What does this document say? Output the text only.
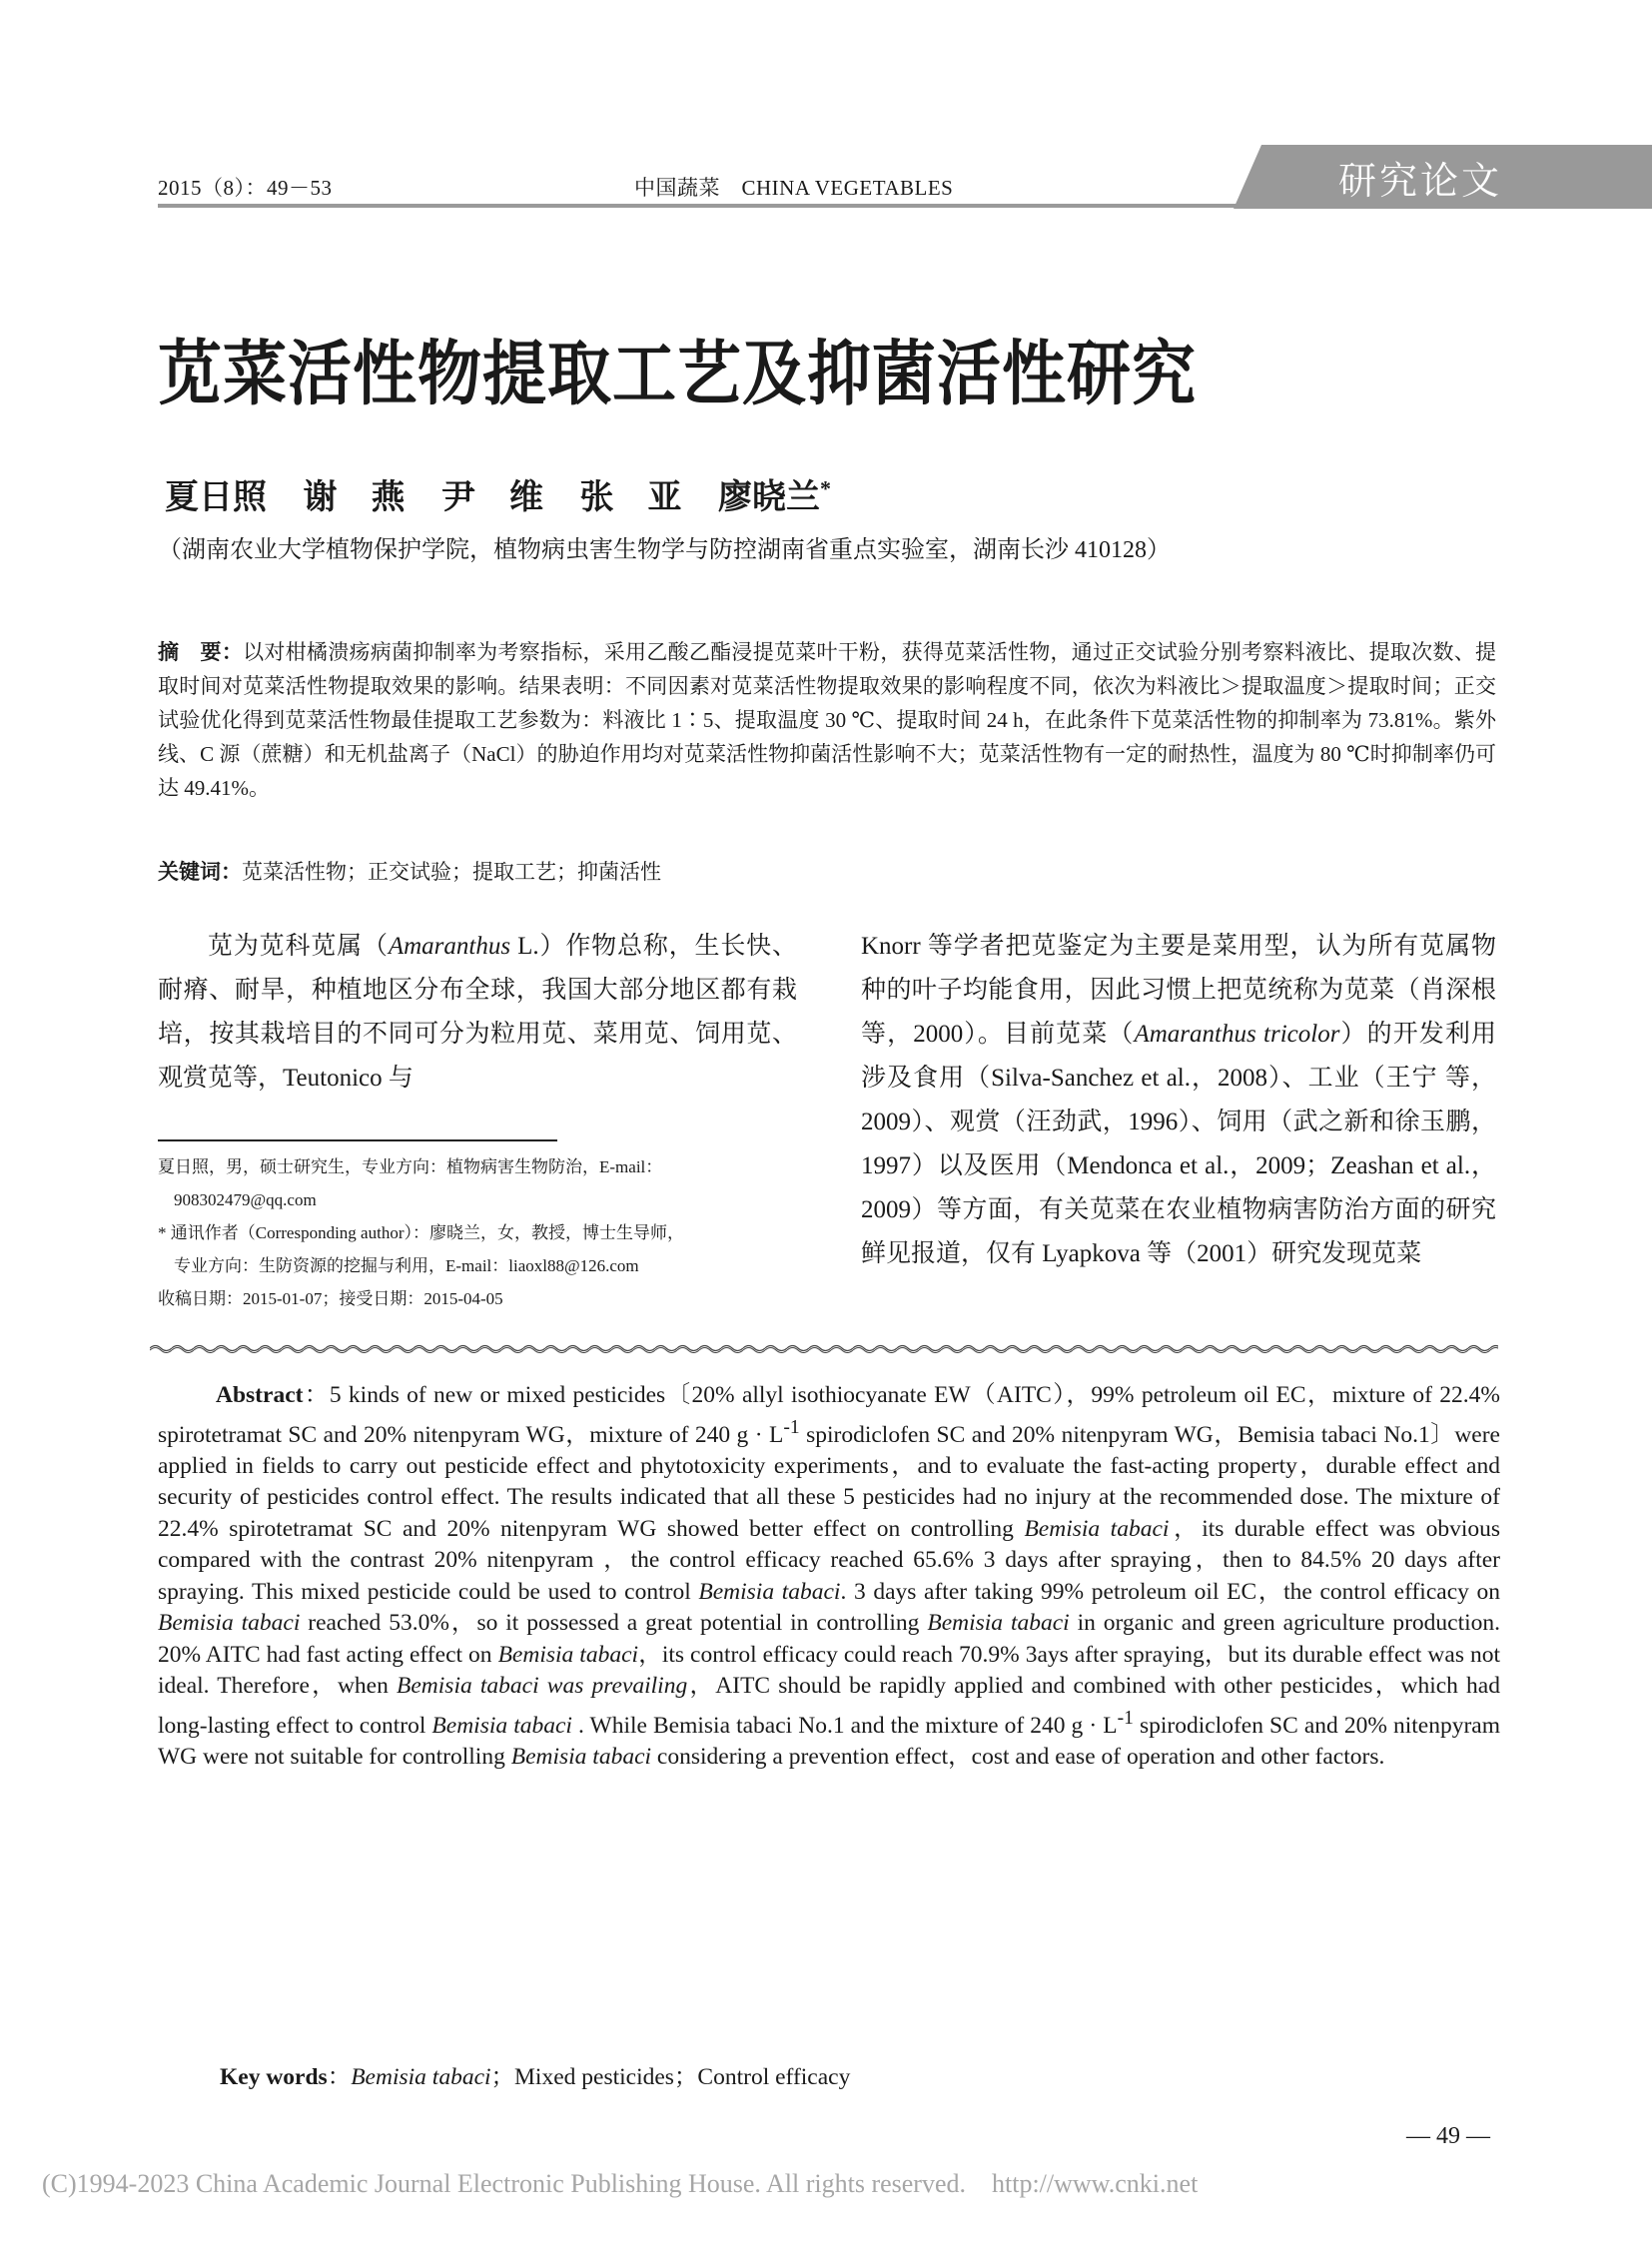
2015（8）：49－53	中国蔬菜　CHINA VEGETABLES	研究论文
苋菜活性物提取工艺及抑菌活性研究
夏日照 谢　燕 尹　维 张　亚 廖晓兰*
（湖南农业大学植物保护学院，植物病虫害生物学与防控湖南省重点实验室，湖南长沙 410128）
摘　要：以对柑橘溃疡病菌抑制率为考察指标，采用乙酸乙酯浸提苋菜叶干粉，获得苋菜活性物，通过正交试验分别考察料液比、提取次数、提取时间对苋菜活性物提取效果的影响。结果表明：不同因素对苋菜活性物提取效果的影响程度不同，依次为料液比＞提取温度＞提取时间；正交试验优化得到苋菜活性物最佳提取工艺参数为：料液比 1∶5、提取温度 30 ℃、提取时间 24 h，在此条件下苋菜活性物的抑制率为 73.81%。紫外线、C 源（蔗糖）和无机盐离子（NaCl）的胁迫作用均对苋菜活性物抑菌活性影响不大；苋菜活性物有一定的耐热性，温度为 80 ℃时抑制率仍可达 49.41%。
关键词：苋菜活性物；正交试验；提取工艺；抑菌活性

苋为苋科苋属（Amaranthus L.）作物总称，生长快、耐瘠、耐旱，种植地区分布全球，我国大部分地区都有栽培，按其栽培目的不同可分为粒用苋、菜用苋、饲用苋、观赏苋等，Teutonico 与

夏日照，男，硕士研究生，专业方向：植物病害生物防治，E-mail：
908302479@qq.com
* 通讯作者（Corresponding author）：廖晓兰，女，教授，博士生导师，
专业方向：生防资源的挖掘与利用，E-mail：liaoxl88@126.com
收稿日期：2015-01-07；接受日期：2015-04-05

Knorr 等学者把苋鉴定为主要是菜用型，认为所有苋属物种的叶子均能食用，因此习惯上把苋统称为苋菜（肖深根 等，2000）。目前苋菜（Amaranthus tricolor）的开发利用涉及食用（Silva-Sanchez et al.，2008）、工业（王宁 等，2009）、观赏（汪劲武，1996）、饲用（武之新和徐玉鹏，1997）以及医用（Mendonca et al.，2009；Zeashan et al.，2009）等方面，有关苋菜在农业植物病害防治方面的研究鲜见报道，仅有 Lyapkova 等（2001）研究发现苋菜

Abstract：5 kinds of new or mixed pesticides〔20% allyl isothiocyanate EW（AITC），99% petroleum oil EC，mixture of 22.4% spirotetramat SC and 20% nitenpyram WG，mixture of 240 $g \cdot L^{-1}$ spirodiclofen SC and 20% nitenpyram WG，Bemisia tabaci No.1〕were applied in fields to carry out pesticide effect and phytotoxicity experiments，and to evaluate the fast-acting property，durable effect and security of pesticides control effect. The results indicated that all these 5 pesticides had no injury at the recommended dose. The mixture of 22.4% spirotetramat SC and 20% nitenpyram WG showed better effect on controlling Bemisia tabaci，its durable effect was obvious compared with the contrast 20% nitenpyram ，the control efficacy reached 65.6% 3 days after spraying，then to 84.5% 20 days after spraying. This mixed pesticide could be used to control Bemisia tabaci. 3 days after taking 99% petroleum oil EC，the control efficacy on Bemisia tabaci reached 53.0%，so it possessed a great potential in controlling Bemisia tabaci in organic and green agriculture production. 20% AITC had fast acting effect on Bemisia tabaci，its control efficacy could reach 70.9% 3ays after spraying，but its durable effect was not ideal. Therefore，when Bemisia tabaci was prevailing，AITC should be rapidly applied and combined with other pesticides，which had long-lasting effect to control Bemisia tabaci . While Bemisia tabaci No.1 and the mixture of 240 $g \cdot L^{-1}$ spirodiclofen SC and 20% nitenpyram WG were not suitable for controlling Bemisia tabaci considering a prevention effect，cost and ease of operation and other factors.
Key words：Bemisia tabaci；Mixed pesticides；Control efficacy
— 49 —
(C)1994-2023 China Academic Journal Electronic Publishing House. All rights reserved. http://www.cnki.net
